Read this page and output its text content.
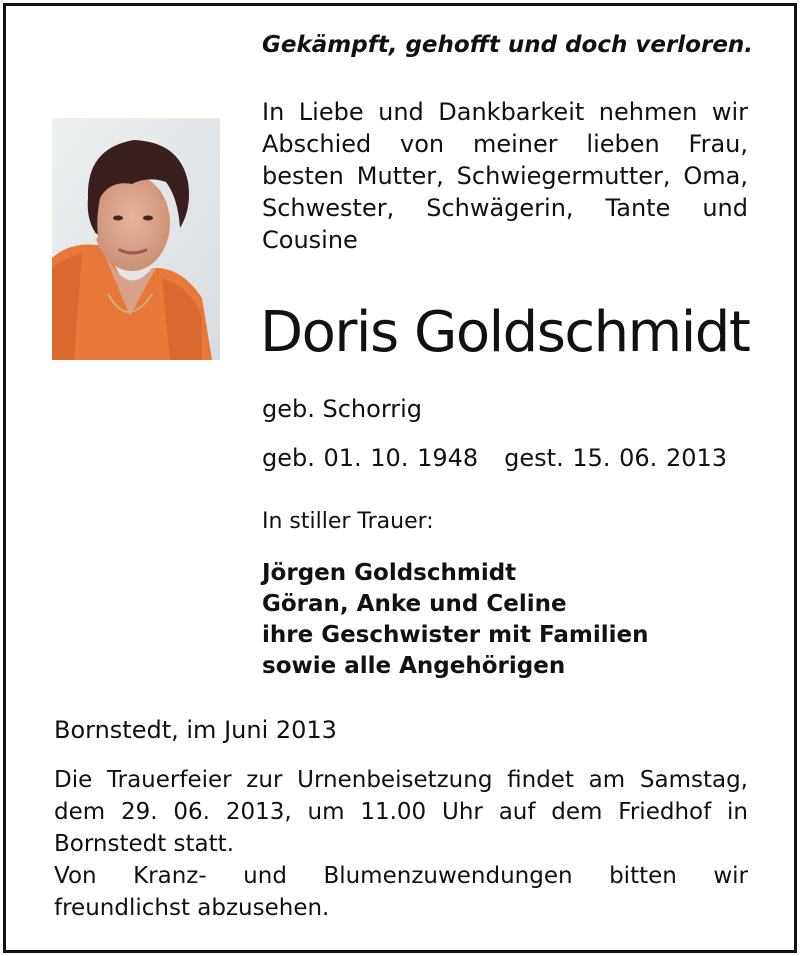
Gekämpft, gehofft und doch verloren.
In Liebe und Dankbarkeit nehmen wir
Abschied von meiner lieben Frau,
besten Mutter, Schwiegermutter, Oma,
Schwester, Schwägerin, Tante und
Cousine
Doris Goldschmidt
geb. Schorrig
geb. 01. 10. 1948 gest. 15. 06. 2013
In stiller Trauer:
Jörgen Goldschmidt
Göran, Anke und Celine
ihre Geschwister mit Familien
sowie alle Angehörigen
Bornstedt, im Juni 2013
Die Trauerfeier zur Urnenbeisetzung findet am Samstag,
dem 29. 06. 2013, um 11.00 Uhr auf dem Friedhof in
Bornstedt statt.
Von Kranz- und Blumenzuwendungen bitten wir
freundlichst abzusehen.
